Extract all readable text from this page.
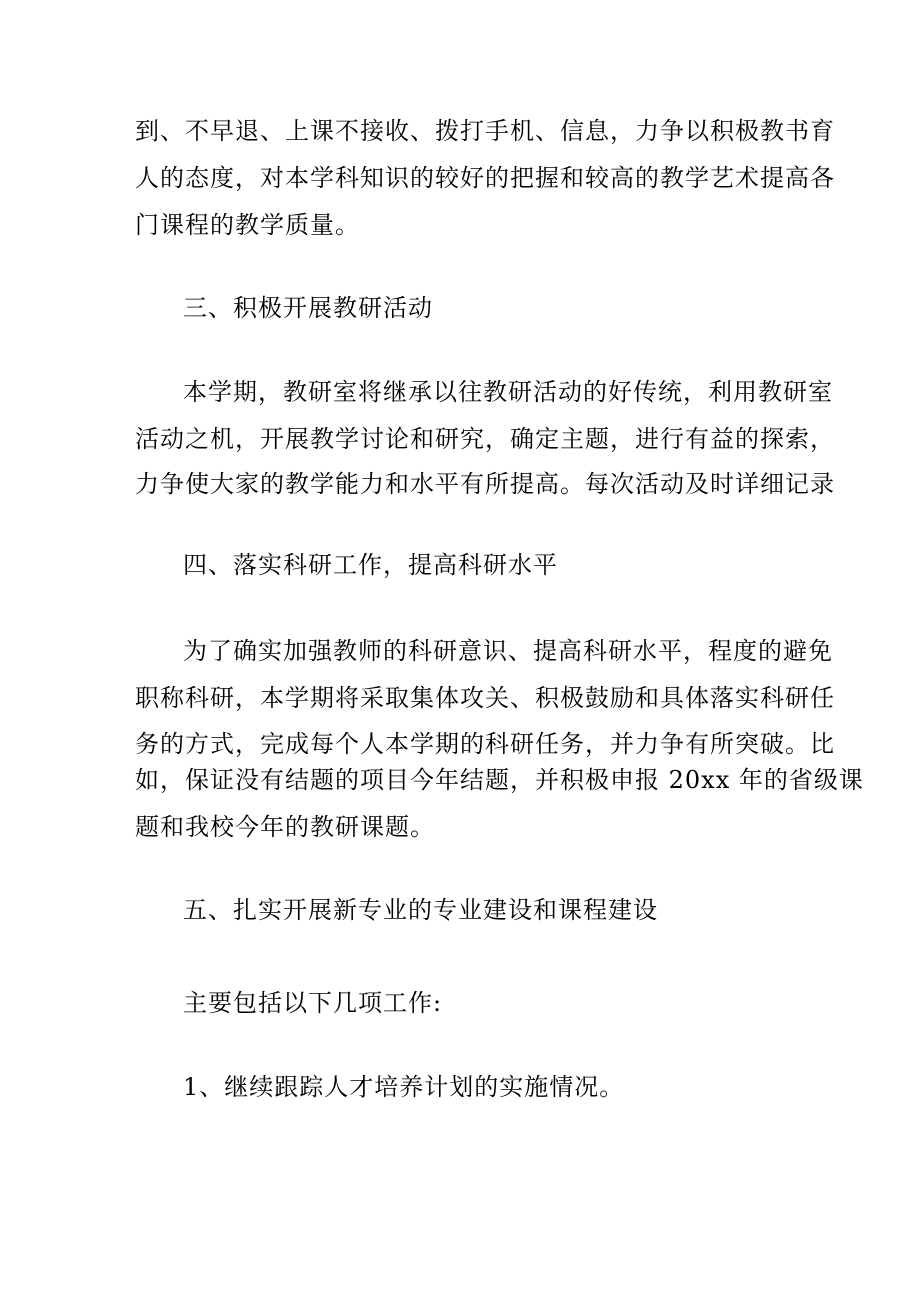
到、不早退、上课不接收、拨打手机、信息，力争以积极教书育
人的态度，对本学科知识的较好的把握和较高的教学艺术提高各
门课程的教学质量。
三、积极开展教研活动
本学期，教研室将继承以往教研活动的好传统，利用教研室
活动之机，开展教学讨论和研究，确定主题，进行有益的探索，
力争使大家的教学能力和水平有所提高。每次活动及时详细记录
四、落实科研工作，提高科研水平
为了确实加强教师的科研意识、提高科研水平，程度的避免
职称科研，本学期将采取集体攻关、积极鼓励和具体落实科研任
务的方式，完成每个人本学期的科研任务，并力争有所突破。比
如，保证没有结题的项目今年结题，并积极申报 20xx 年的省级课
题和我校今年的教研课题。
五、扎实开展新专业的专业建设和课程建设
主要包括以下几项工作:
1、继续跟踪人才培养计划的实施情况。
